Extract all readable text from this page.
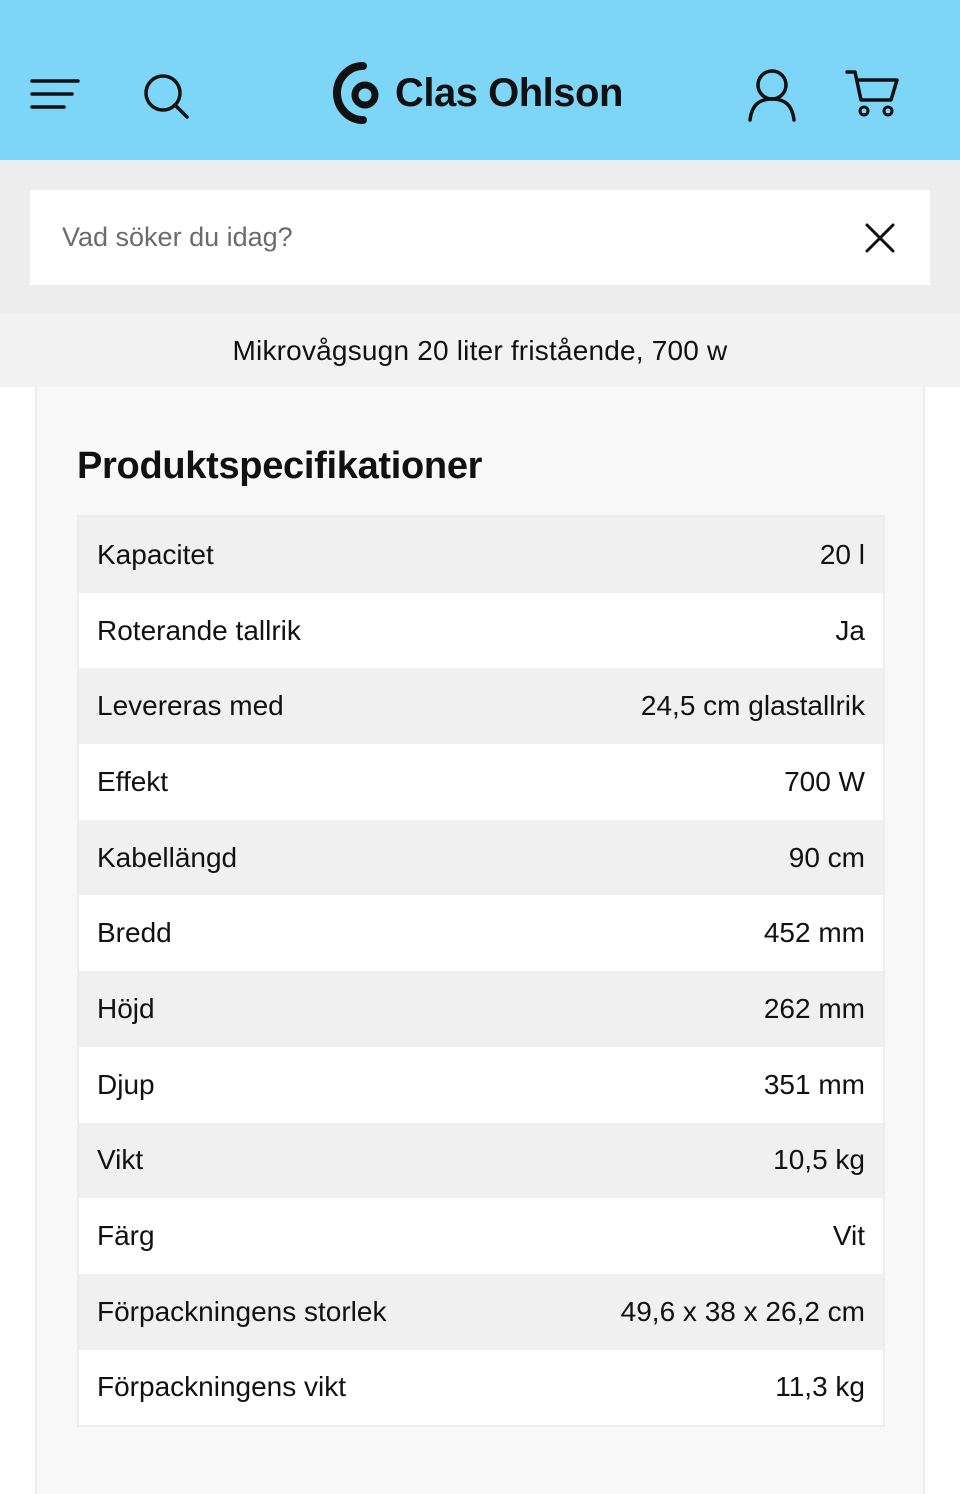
Clas Ohlson
Vad söker du idag?
Mikrovågsugn 20 liter fristående, 700 w
Produktspecifikationer
Kapacitet	20 l
Roterande tallrik	Ja
Levereras med	24,5 cm glastallrik
Effekt	700 W
Kabellängd	90 cm
Bredd	452 mm
Höjd	262 mm
Djup	351 mm
Vikt	10,5 kg
Färg	Vit
Förpackningens storlek	49,6 x 38 x 26,2 cm
Förpackningens vikt	11,3 kg
